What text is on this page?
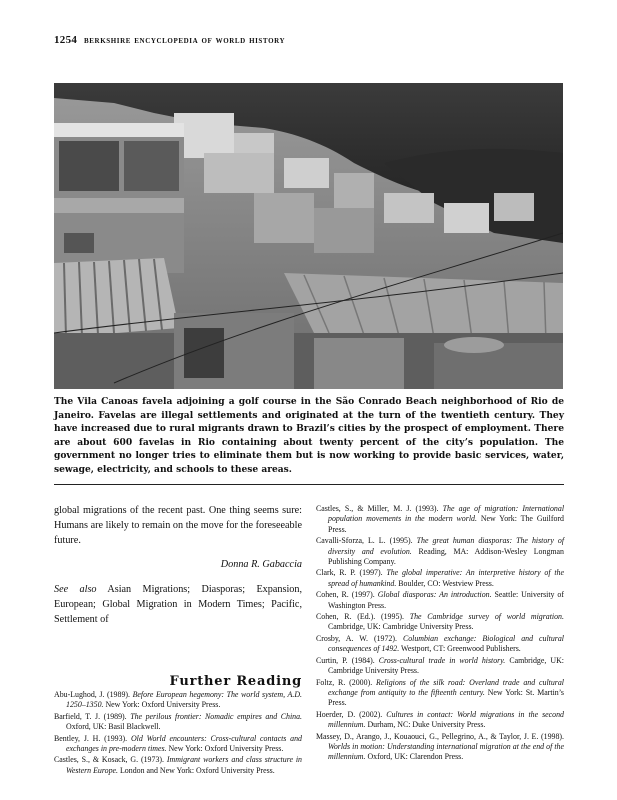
1254 berkshire encyclopedia of world history
The Vila Canoas favela adjoining a golf course in the São Conrado Beach neighborhood of Rio de Janeiro. Favelas are illegal settlements and originated at the turn of the twentieth century. They have increased due to rural migrants drawn to Brazil’s cities by the prospect of employment. There are about 600 favelas in Rio containing about twenty percent of the city’s population. The government no longer tries to eliminate them but is now working to provide basic services, water, sewage, electricity, and schools to these areas.

global migrations of the recent past. One thing seems sure: Humans are likely to remain on the move for the foreseeable future.

Donna R. Gabaccia

See also Asian Migrations; Diasporas; Expansion, European; Global Migration in Modern Times; Pacific, Settlement of

Further Reading
Abu-Lughod, J. (1989). Before European hegemony: The world system, A.D. 1250–1350. New York: Oxford University Press.
Barfield, T. J. (1989). The perilous frontier: Nomadic empires and China. Oxford, UK: Basil Blackwell.
Bentley, J. H. (1993). Old World encounters: Cross-cultural contacts and exchanges in pre-modern times. New York: Oxford University Press.
Castles, S., & Kosack, G. (1973). Immigrant workers and class structure in Western Europe. London and New York: Oxford University Press.
Castles, S., & Miller, M. J. (1993). The age of migration: International population movements in the modern world. New York: The Guilford Press.
Cavalli-Sforza, L. L. (1995). The great human diasporas: The history of diversity and evolution. Reading, MA: Addison-Wesley Longman Publishing Company.
Clark, R. P. (1997). The global imperative: An interpretive history of the spread of humankind. Boulder, CO: Westview Press.
Cohen, R. (1997). Global diasporas: An introduction. Seattle: University of Washington Press.
Cohen, R. (Ed.). (1995). The Cambridge survey of world migration. Cambridge, UK: Cambridge University Press.
Crosby, A. W. (1972). Columbian exchange: Biological and cultural consequences of 1492. Westport, CT: Greenwood Publishers.
Curtin, P. (1984). Cross-cultural trade in world history. Cambridge, UK: Cambridge University Press.
Foltz, R. (2000). Religions of the silk road: Overland trade and cultural exchange from antiquity to the fifteenth century. New York: St. Martin’s Press.
Hoerder, D. (2002). Cultures in contact: World migrations in the second millennium. Durham, NC: Duke University Press.
Massey, D., Arango, J., Kouaouci, G., Pellegrino, A., & Taylor, J. E. (1998). Worlds in motion: Understanding international migration at the end of the millennium. Oxford, UK: Clarendon Press.
